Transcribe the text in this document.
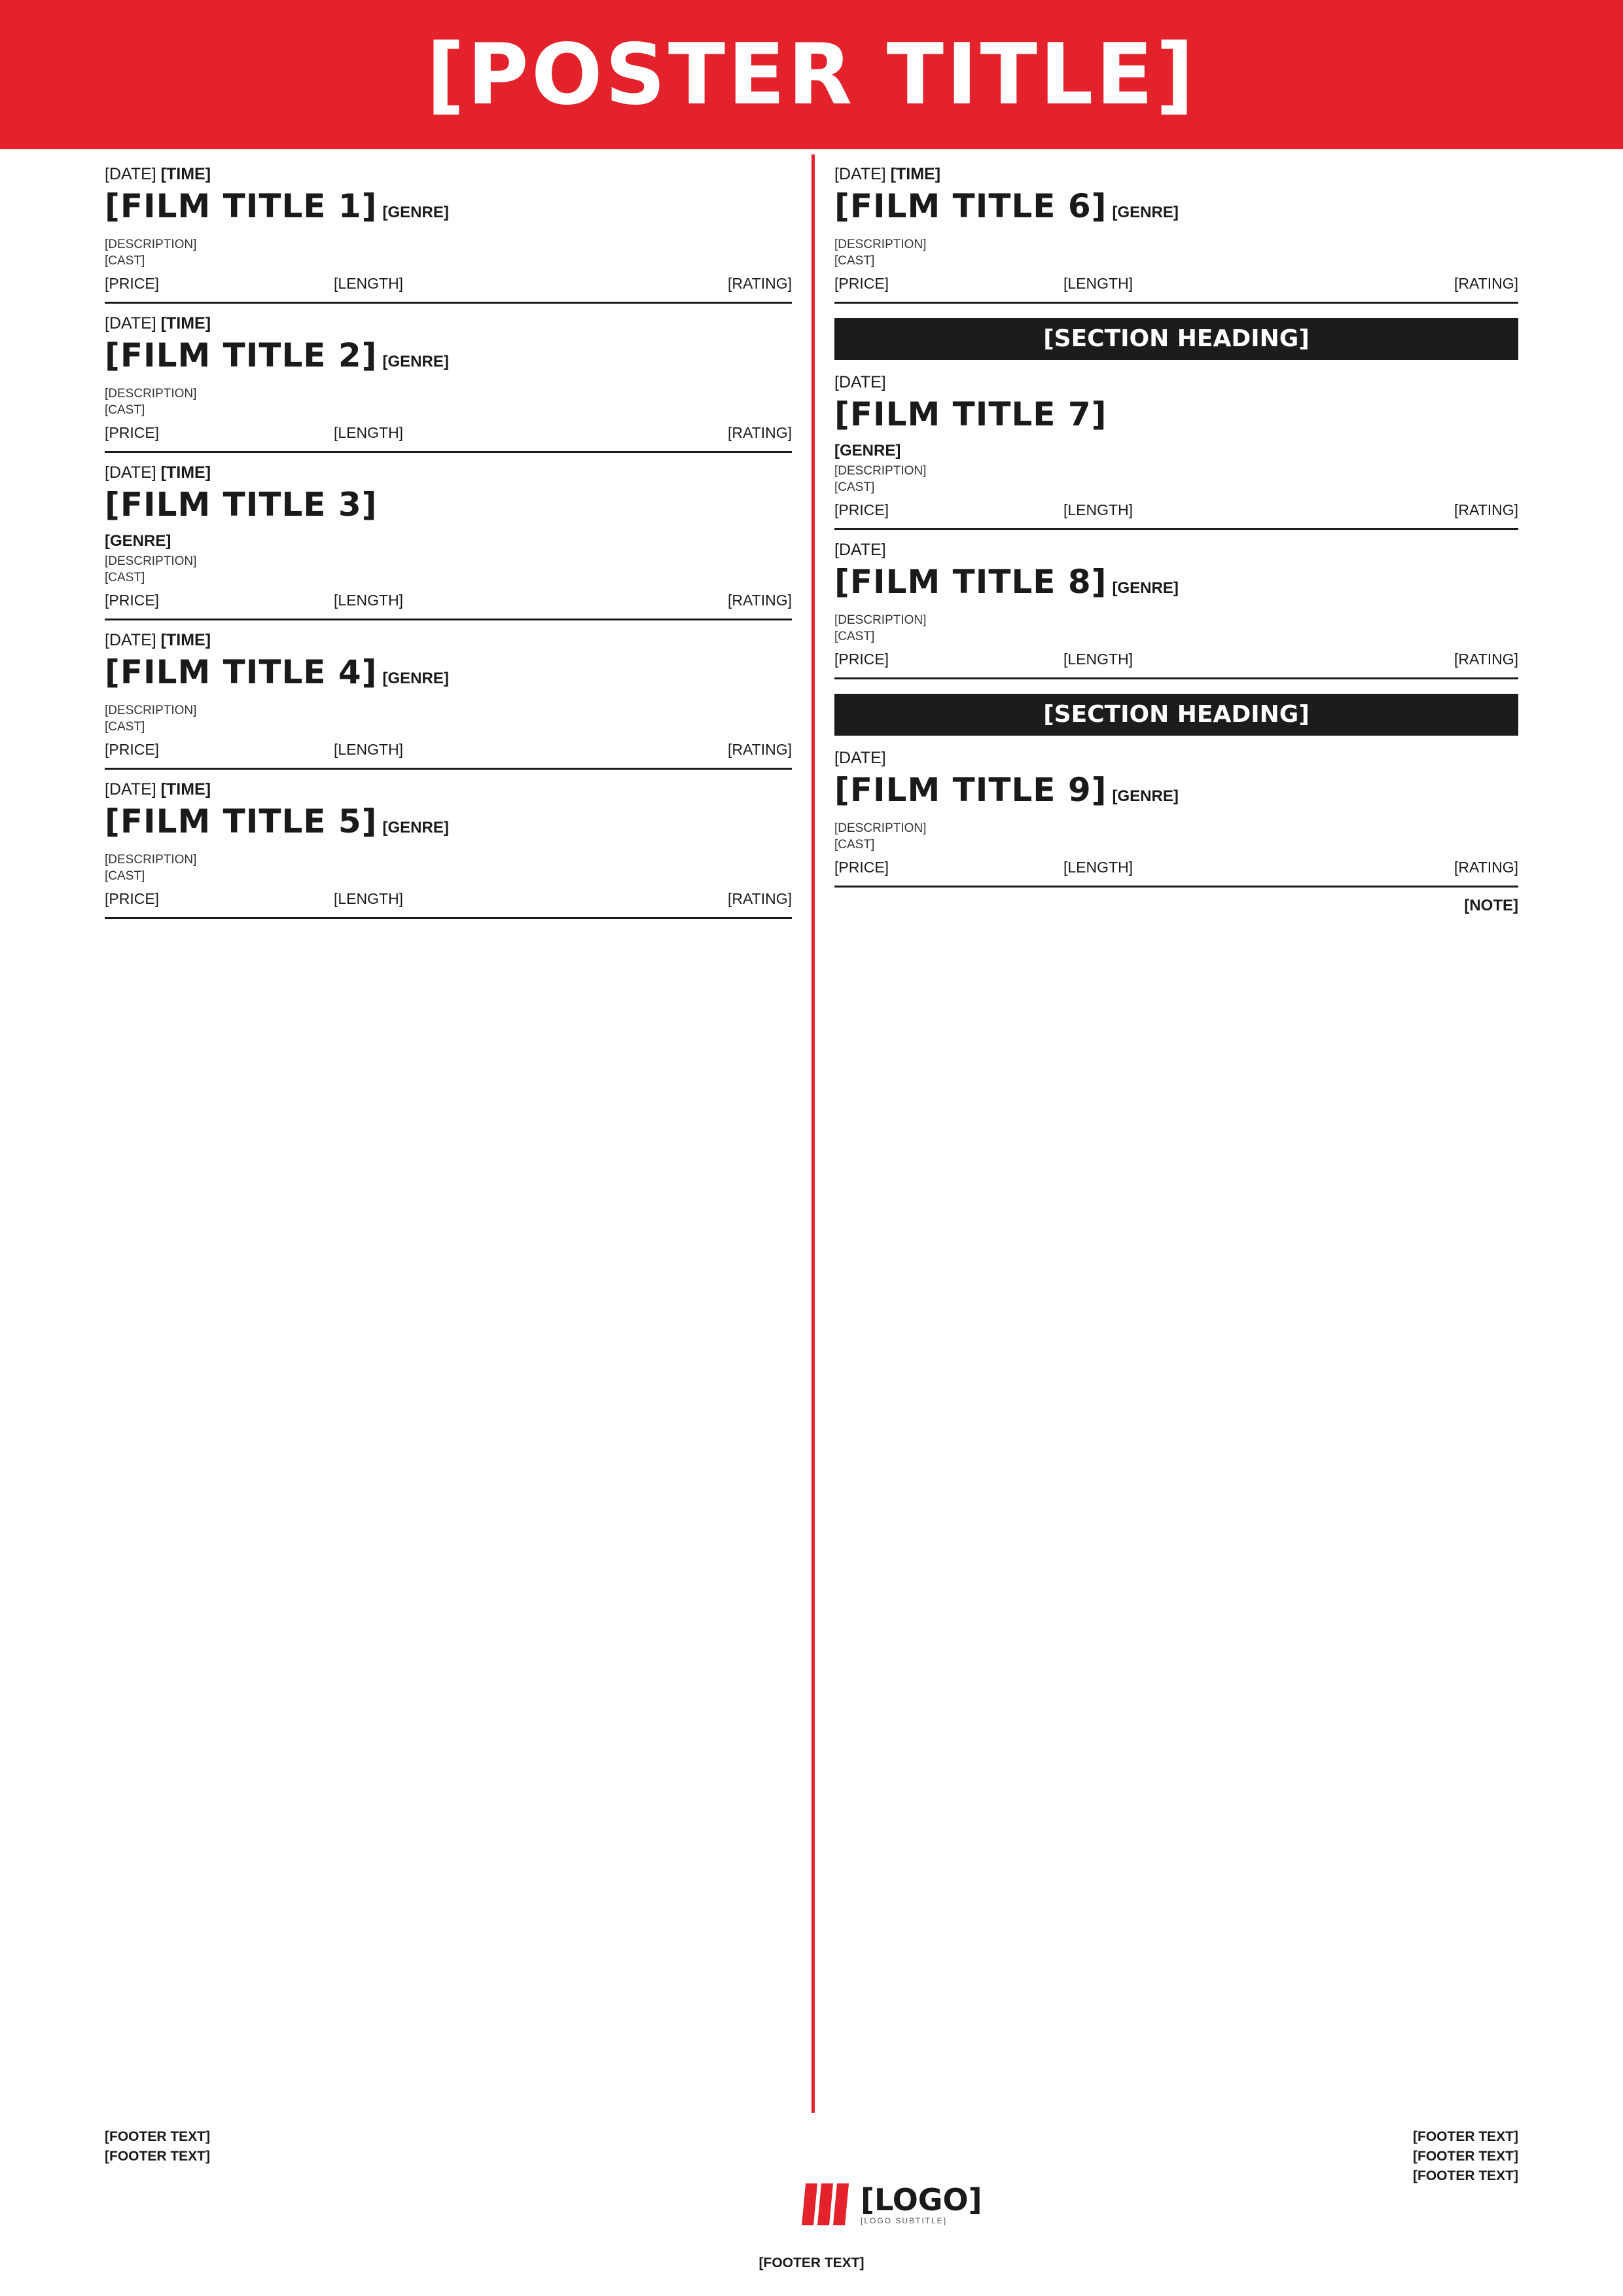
[POSTER TITLE]
[DATE] [TIME]
[FILM TITLE 1] [GENRE]
[DESCRIPTION]
[CAST]
[PRICE]	[LENGTH]	[RATING]
[DATE] [TIME]
[FILM TITLE 2] [GENRE]
[DESCRIPTION]
[CAST]
[PRICE]	[LENGTH]	[RATING]
[DATE] [TIME]
[FILM TITLE 3]
[GENRE]
[DESCRIPTION]
[CAST]
[PRICE]	[LENGTH]	[RATING]
[DATE] [TIME]
[FILM TITLE 4] [GENRE]
[DESCRIPTION]
[CAST]
[PRICE]	[LENGTH]	[RATING]
[DATE] [TIME]
[FILM TITLE 5] [GENRE]
[DESCRIPTION]
[CAST]
[PRICE]	[LENGTH]	[RATING]
[DATE] [TIME]
[FILM TITLE 6] [GENRE]
[DESCRIPTION]
[CAST]
[PRICE]	[LENGTH]	[RATING]
[SECTION HEADING]
[DATE]
[FILM TITLE 7]
[GENRE]
[DESCRIPTION]
[CAST]
[PRICE]	[LENGTH]	[RATING]
[DATE]
[FILM TITLE 8] [GENRE]
[DESCRIPTION]
[CAST]
[PRICE]	[LENGTH]	[RATING]
[SECTION HEADING]
[DATE]
[FILM TITLE 9] [GENRE]
[DESCRIPTION]
[CAST]
[PRICE]	[LENGTH]	[RATING]
[NOTE]
[FOOTER TEXT]	[FOOTER TEXT]
[FOOTER TEXT]	[FOOTER TEXT]
[FOOTER TEXT]
[LOGO]
[LOGO SUBTITLE]
[FOOTER TEXT]
